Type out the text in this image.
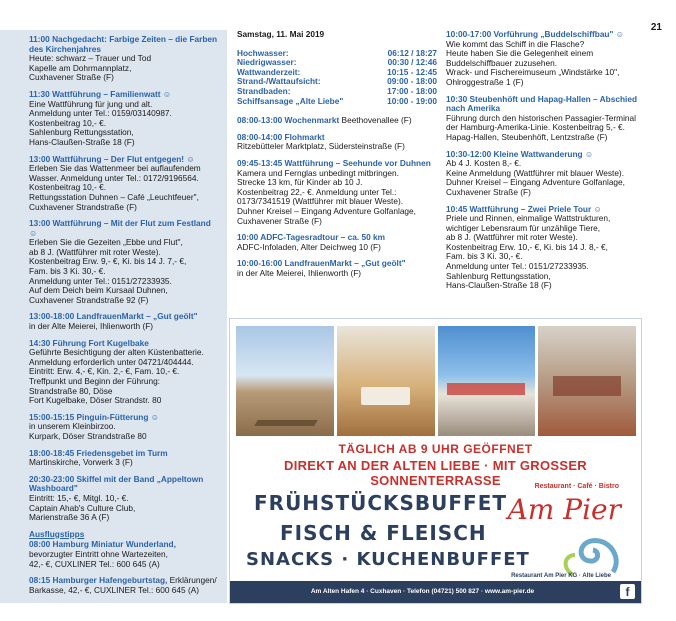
21
11:00 Nachgedacht: Farbige Zeiten – die Farben des Kirchenjahres
Heute: schwarz – Trauer und Tod
Kapelle am Dohrmannplatz,
Cuxhavener Straße (F)
11:30 Wattführung – Familienwatt ☺
Eine Wattführung für jung und alt.
Anmeldung unter Tel.: 0159/03140987.
Kostenbeitrag 10,- €.
Sahlenburg Rettungsstation,
Hans-Claußen-Straße 18 (F)
13:00 Wattführung – Der Flut entgegen! ☺
Erleben Sie das Wattenmeer bei auflaufendem
Wasser. Anmeldung unter Tel.: 0172/9196564.
Kostenbeitrag 10,- €.
Rettungsstation Duhnen – Café „Leuchtfeuer",
Cuxhavener Strandstraße (F)
13:00 Wattführung – Mit der Flut zum Festland ☺
Erleben Sie die Gezeiten „Ebbe und Flut",
ab 8 J. (Wattführer mit roter Weste).
Kostenbeitrag Erw. 9,- €, Ki. bis 14 J. 7,- €,
Fam. bis 3 Ki. 30,- €.
Anmeldung unter Tel.: 0151/27233935.
Auf dem Deich beim Kursaal Duhnen,
Cuxhavener Strandstraße 92 (F)
13:00-18:00 LandfrauenMarkt – „Gut geölt"
in der Alte Meierei, Ihlienworth (F)
14:30 Führung Fort Kugelbake
Geführte Besichtigung der alten Küstenbatterie.
Anmeldung erforderlich unter 04721/404444.
Eintritt: Erw. 4,- €, Kin. 2,- €, Fam. 10,- €.
Treffpunkt und Beginn der Führung:
Strandstraße 80, Döse
Fort Kugelbake, Döser Strandstr. 80
15:00-15:15 Pinguin-Fütterung ☺
in unserem Kleinbirzoo.
Kurpark, Döser Strandstraße 80
18:00-18:45 Friedensgebet im Turm
Martinskirche, Vorwerk 3 (F)
20:30-23:00 Skiffel mit der Band „Appeltown Washboard"
Eintritt: 15,- €, Mitgl. 10,- €.
Captain Ahab's Culture Club,
Marienstraße 36 A (F)
Ausflugstipps
08:00 Hamburg Miniatur Wunderland,
bevorzugter Eintritt ohne Wartezeiten,
42,- €, CUXLINER Tel.: 600 645 (A)
08:15 Hamburger Hafengeburtstag, Erklärungen/
Barkasse, 42,- €, CUXLINER Tel.: 600 645 (A)
Samstag, 11. Mai 2019
Hochwasser:	06:12 / 18:27
Niedrigwasser:	00:30 / 12:46
Wattwanderzeit:	10:15 - 12:45
Strand-/Wattaufsicht:	09:00 - 18:00
Strandbaden:	17:00 - 18:00
Schiffsansage „Alte Liebe"	10:00 - 19:00
08:00-13:00 Wochenmarkt Beethovenallee (F)
08:00-14:00 Flohmarkt
Ritzebütteler Marktplatz, Südersteinstraße (F)
09:45-13:45 Wattführung – Seehunde vor Duhnen
Kamera und Fernglas unbedingt mitbringen.
Strecke 13 km, für Kinder ab 10 J.
Kostenbeitrag 22,- €. Anmeldung unter Tel.:
0173/7341519 (Wattführer mit blauer Weste).
Duhner Kreisel – Eingang Adventure Golfanlage,
Cuxhavener Straße (F)
10:00 ADFC-Tagesradtour – ca. 50 km
ADFC-Infoladen, Alter Deichweg 10 (F)
10:00-16:00 LandfrauenMarkt – „Gut geölt"
in der Alte Meierei, Ihlienworth (F)
10:00-17:00 Vorführung „Buddelschiffbau" ☺
Wie kommt das Schiff in die Flasche?
Heute haben Sie die Gelegenheit einem
Buddelschiffbauer zuzusehen.
Wrack- und Fischereimuseum „Windstärke 10",
Ohlroggestraße 1 (F)
10:30 Steubenhöft und Hapag-Hallen – Abschied nach Amerika
Führung durch den historischen Passagier-Terminal
der Hamburg-Amerika-Linie. Kostenbeitrag 5,- €.
Hapag-Hallen, Steubenhöft, Lentzstraße (F)
10:30-12:00 Kleine Wattwanderung ☺
Ab 4 J. Kosten 8,- €.
Keine Anmeldung (Wattführer mit blauer Weste).
Duhner Kreisel – Eingang Adventure Golfanlage,
Cuxhavener Straße (F)
10:45 Wattführung – Zwei Priele Tour ☺
Priele und Rinnen, einmalige Wattstrukturen,
wichtiger Lebensraum für unzählige Tiere,
ab 8 J. (Wattführer mit roter Weste).
Kostenbeitrag Erw. 10,- €, Ki. bis 14 J. 8,- €,
Fam. bis 3 Ki. 30,- €.
Anmeldung unter Tel.: 0151/27233935.
Sahlenburg Rettungsstation,
Hans-Claußen-Straße 18 (F)
TÄGLICH AB 9 UHR GEÖFFNET
DIREKT AN DER ALTEN LIEBE · MIT GROSSER SONNENTERRASSE
FRÜHSTÜCKSBUFFET
FISCH & FLEISCH
SNACKS · KUCHENBUFFET
Restaurant · Café · Bistro
Am Pier
Am Alten Hafen 4 · Cuxhaven · Telefon (04721) 500 827 · www.am-pier.de	f
Restaurant Am Pier KG · Alte Liebe
